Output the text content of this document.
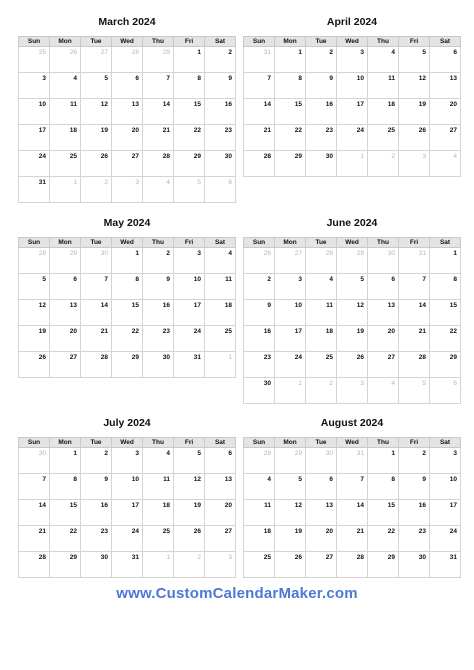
March 2024
Sun	Mon	Tue	Wed	Thu	Fri	Sat
25	26	27	28	29	1	2
3	4	5	6	7	8	9
10	11	12	13	14	15	16
17	18	19	20	21	22	23
24	25	26	27	28	29	30
31	1	2	3	4	5	6
April 2024
Sun	Mon	Tue	Wed	Thu	Fri	Sat
31	1	2	3	4	5	6
7	8	9	10	11	12	13
14	15	16	17	18	19	20
21	22	23	24	25	26	27
28	29	30	1	2	3	4
May 2024
Sun	Mon	Tue	Wed	Thu	Fri	Sat
28	29	30	1	2	3	4
5	6	7	8	9	10	11
12	13	14	15	16	17	18
19	20	21	22	23	24	25
26	27	28	29	30	31	1
June 2024
Sun	Mon	Tue	Wed	Thu	Fri	Sat
26	27	28	29	30	31	1
2	3	4	5	6	7	8
9	10	11	12	13	14	15
16	17	18	19	20	21	22
23	24	25	26	27	28	29
30	1	2	3	4	5	6
July 2024
Sun	Mon	Tue	Wed	Thu	Fri	Sat
30	1	2	3	4	5	6
7	8	9	10	11	12	13
14	15	16	17	18	19	20
21	22	23	24	25	26	27
28	29	30	31	1	2	3
August 2024
Sun	Mon	Tue	Wed	Thu	Fri	Sat
28	29	30	31	1	2	3
4	5	6	7	8	9	10
11	12	13	14	15	16	17
18	19	20	21	22	23	24
25	26	27	28	29	30	31
www.CustomCalendarMaker.com
